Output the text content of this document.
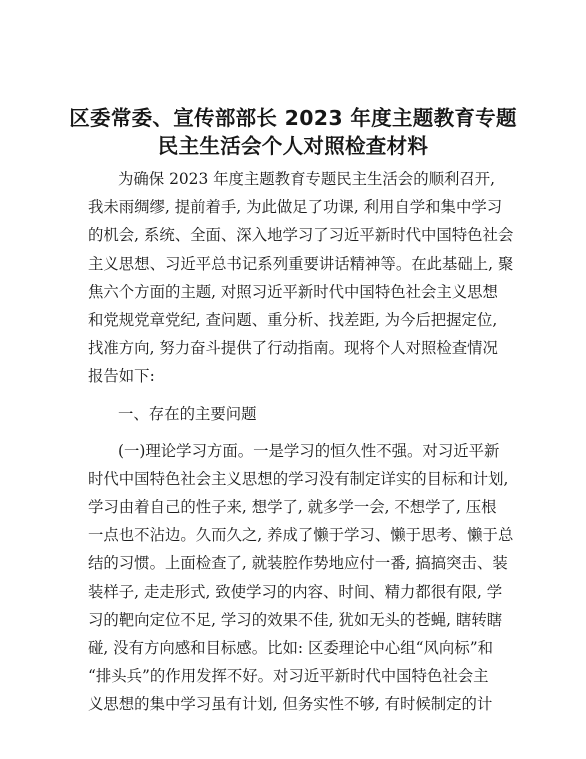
区委常委、宣传部部长 2023 年度主题教育专题
民主生活会个人对照检查材料
为确保 2023 年度主题教育专题民主生活会的顺利召开,
我未雨绸缪, 提前着手, 为此做足了功课, 利用自学和集中学习
的机会, 系统、全面、深入地学习了习近平新时代中国特色社会
主义思想、习近平总书记系列重要讲话精神等。在此基础上, 聚
焦六个方面的主题, 对照习近平新时代中国特色社会主义思想
和党规党章党纪, 查问题、重分析、找差距, 为今后把握定位,
找准方向, 努力奋斗提供了行动指南。现将个人对照检查情况
报告如下:
一、存在的主要问题
(一)理论学习方面。一是学习的恒久性不强。对习近平新
时代中国特色社会主义思想的学习没有制定详实的目标和计划,
学习由着自己的性子来, 想学了, 就多学一会, 不想学了, 压根
一点也不沾边。久而久之, 养成了懒于学习、懒于思考、懒于总
结的习惯。上面检查了, 就装腔作势地应付一番, 搞搞突击、装
装样子, 走走形式, 致使学习的内容、时间、精力都很有限, 学
习的靶向定位不足, 学习的效果不佳, 犹如无头的苍蝇, 瞎转瞎
碰, 没有方向感和目标感。比如: 区委理论中心组“风向标”和
“排头兵”的作用发挥不好。对习近平新时代中国特色社会主
义思想的集中学习虽有计划, 但务实性不够, 有时候制定的计
